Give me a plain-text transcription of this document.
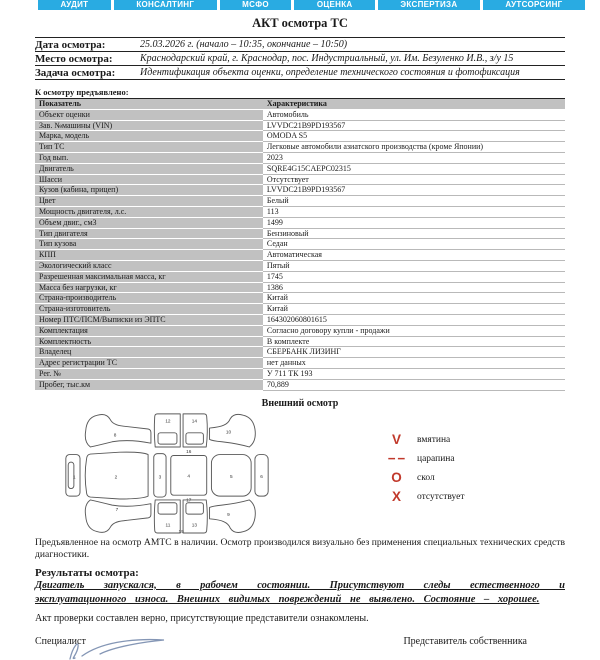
АУДИТ	КОНСАЛТИНГ	МСФО	ОЦЕНКА	ЭКСПЕРТИЗА	АУТСОРСИНГ
АКТ осмотра ТС
Дата осмотра:	25.03.2026 г. (начало – 10:35, окончание – 10:50)
Место осмотра:	Краснодарский край, г. Краснодар, пос. Индустриальный, ул. Им. Безуленко И.В., з/у 15
Задача осмотра:	Идентификация объекта оценки, определение технического состояния и фотофиксация
К осмотру предъявлено:
Показатель	Характеристика
Объект оценки	Автомобиль
Зав. №машины (VIN)	LVVDC21B9PD193567
Марка, модель	OMODA S5
Тип ТС	Легковые автомобили азиатского производства (кроме Японии)
Год вып.	2023
Двигатель	SQRE4G15CAEPC02315
Шасси	Отсутствует
Кузов (кабина, прицеп)	LVVDC21B9PD193567
Цвет	Белый
Мощность двигателя, л.с.	113
Объем двиг., см3	1499
Тип двигателя	Бензиновый
Тип кузова	Седан
КПП	Автоматическая
Экологический класс	Пятый
Разрешенная максимальная масса, кг	1745
Масса без нагрузки, кг	1386
Страна-производитель	Китай
Страна-изготовитель	Китай
Номер ПТС/ПСМ/Выписки из ЭПТС	164302060801615
Комплектация	Согласно договору купли - продажи
Комплектность	В комплекте
Владелец	СБЕРБАНК ЛИЗИНГ
Адрес регистрации ТС	нет данных
Рег. №	У 711 ТК 193
Пробег, тыс.км	70,889
Внешний осмотр
1	2	3	4	5	6
7
8
9
10
11
12
13
14
16
17
19
V	вмятина
− −	царапина
O	скол
X	отсутствует
Предъявленное на осмотр АМТС в наличии. Осмотр производился визуально без применения специальных технических средств диагностики.
Результаты осмотра:
Двигатель запускался, в рабочем состоянии. Присутствуют следы естественного и эксплуатационного износа. Внешних видимых повреждений не выявлено. Состояние – хорошее.
Акт проверки составлен верно, присутствующие представители ознакомлены.
Специалист	Представитель собственника
